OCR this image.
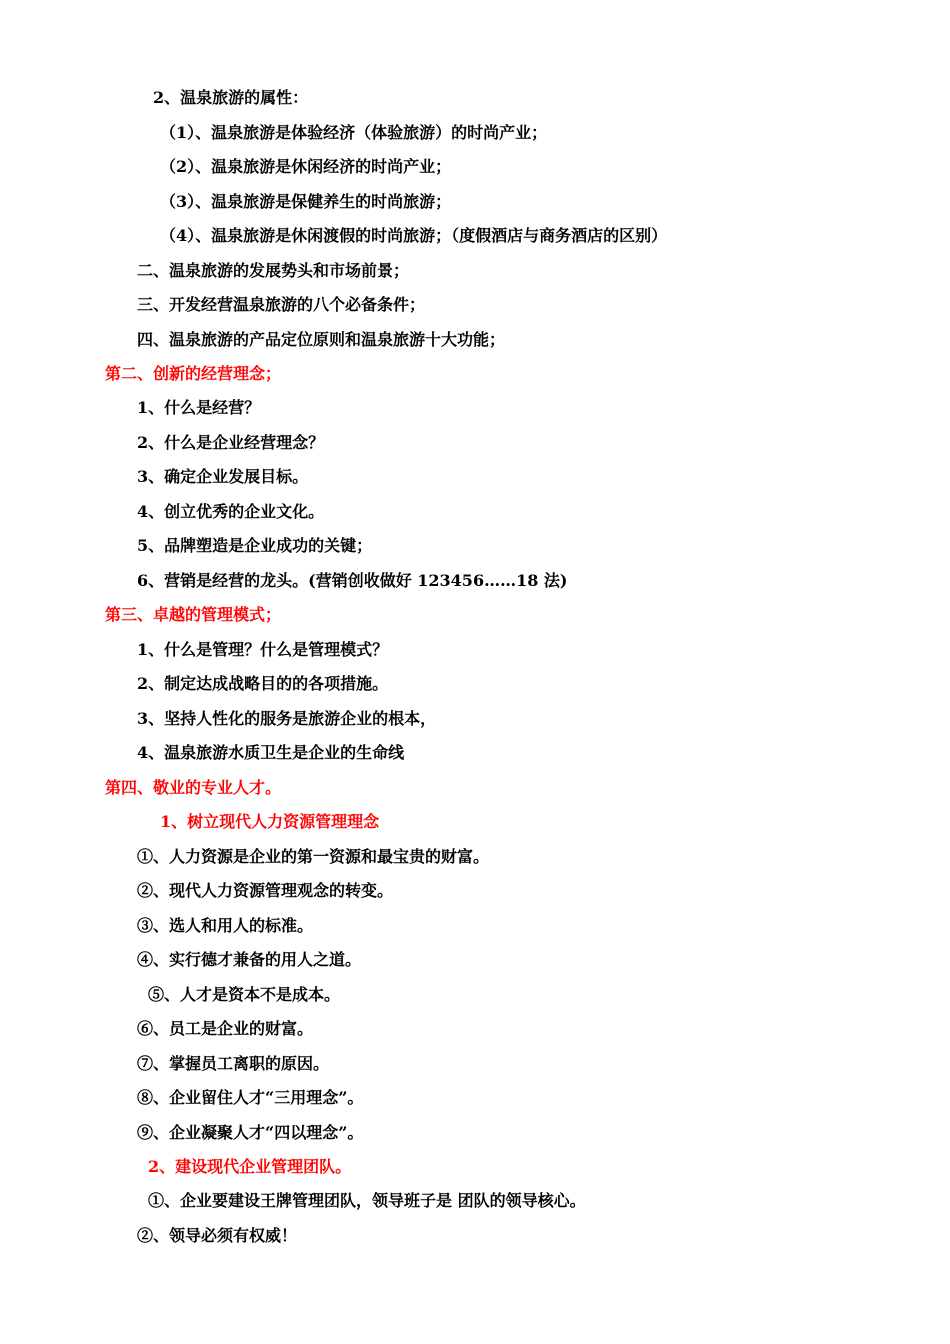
2、温泉旅游的属性：
（1）、温泉旅游是体验经济（体验旅游）的时尚产业；
（2）、温泉旅游是休闲经济的时尚产业；
（3）、温泉旅游是保健养生的时尚旅游；
（4）、温泉旅游是休闲渡假的时尚旅游；（度假酒店与商务酒店的区别）
二、温泉旅游的发展势头和市场前景；
三、开发经营温泉旅游的八个必备条件；
四、温泉旅游的产品定位原则和温泉旅游十大功能；
第二、创新的经营理念；
1、什么是经营？
2、什么是企业经营理念？
3、确定企业发展目标。
4、创立优秀的企业文化。
5、品牌塑造是企业成功的关键；
6、营销是经营的龙头。(营销创收做好 123456……18 法)
第三、卓越的管理模式；
1、什么是管理？什么是管理模式？
2、制定达成战略目的的各项措施。
3、坚持人性化的服务是旅游企业的根本，
4、温泉旅游水质卫生是企业的生命线
第四、敬业的专业人才。
1、树立现代人力资源管理理念
①、人力资源是企业的第一资源和最宝贵的财富。
②、现代人力资源管理观念的转变。
③、选人和用人的标准。
④、实行德才兼备的用人之道。
⑤、人才是资本不是成本。
⑥、员工是企业的财富。
⑦、掌握员工离职的原因。
⑧、企业留住人才“三用理念”。
⑨、企业凝聚人才“四以理念”。
2、建设现代企业管理团队。
①、企业要建设王牌管理团队，领导班子是 团队的领导核心。
②、领导必须有权威！
